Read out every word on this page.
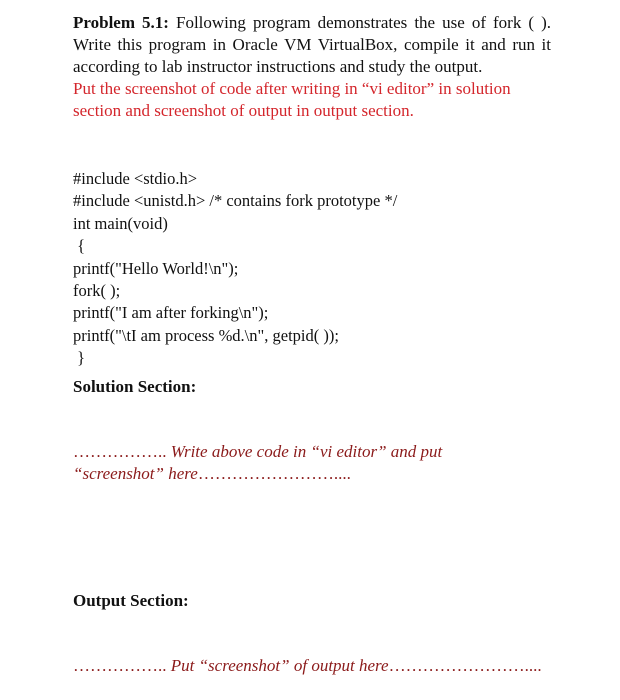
Problem 5.1: Following program demonstrates the use of fork ( ). Write this program in Oracle VM VirtualBox, compile it and run it according to lab instructor instructions and study the output.
Put the screenshot of code after writing in “vi editor” in solution section and screenshot of output in output section.
#include <stdio.h>
#include <unistd.h> /* contains fork prototype */
int main(void)
{
printf("Hello World!\n");
fork( );
printf("I am after forking\n");
printf("\tI am process %d.\n", getpid( ));
}
Solution Section:
…………….. Write above code in “vi editor” and put
“screenshot” here……………………....
Output Section:
…………….. Put “screenshot” of output here……………………....
